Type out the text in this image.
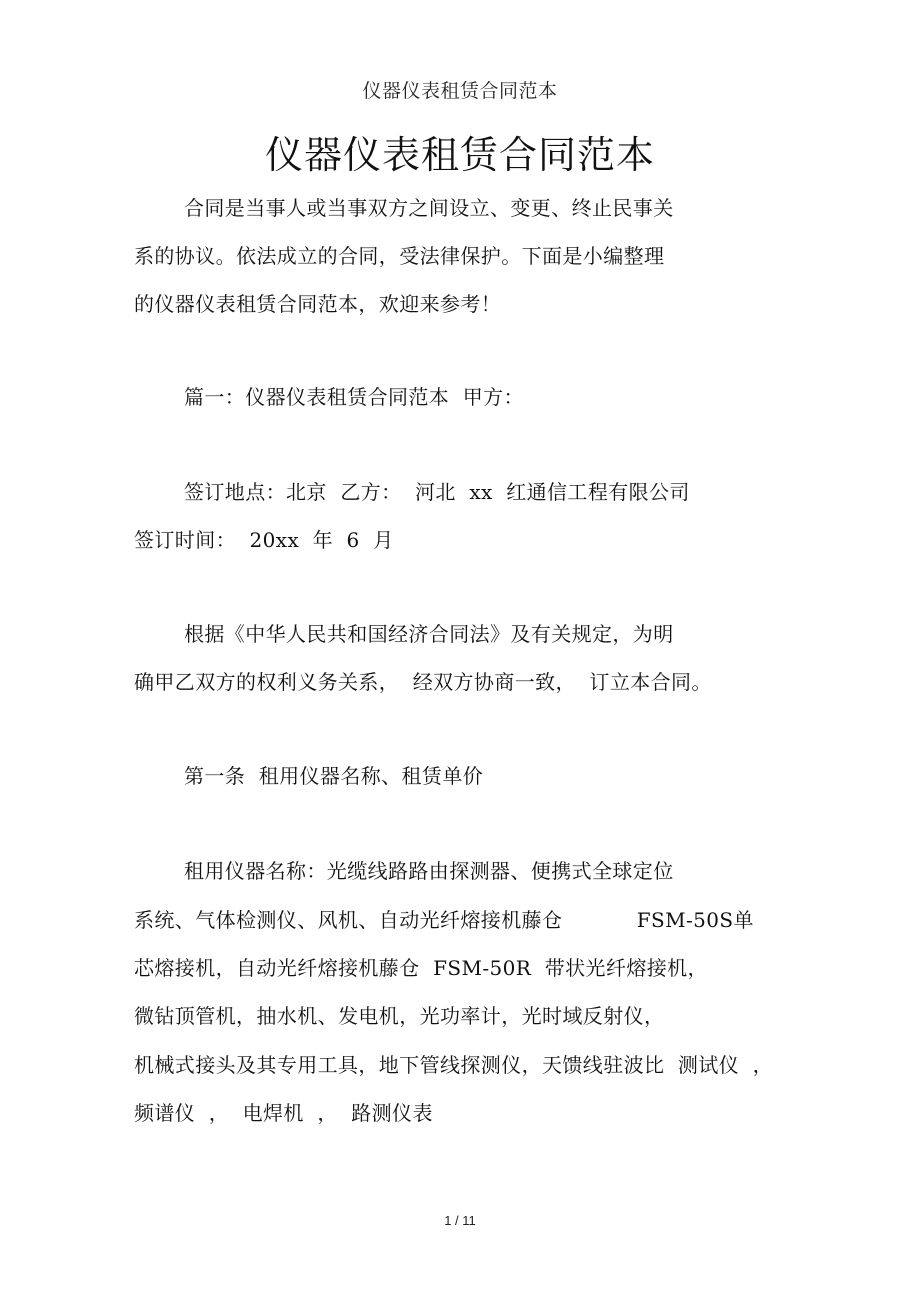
仪器仪表租赁合同范本
仪器仪表租赁合同范本
合同是当事人或当事双方之间设立、变更、终止民事关
系的协议。依法成立的合同，受法律保护。下面是小编整理
的仪器仪表租赁合同范本，欢迎来参考！
篇一：仪器仪表租赁合同范本  甲方：
签订地点：北京  乙方：  河北  xx  红通信工程有限公司
签订时间：  20xx  年  6  月
根据《中华人民共和国经济合同法》及有关规定，为明
确甲乙双方的权利义务关系，  经双方协商一致，  订立本合同。
第一条  租用仪器名称、租赁单价
租用仪器名称：光缆线路路由探测器、便携式全球定位
系统、气体检测仪、风机、自动光纤熔接机藤仓           FSM-50S单
芯熔接机，自动光纤熔接机藤仓  FSM-50R  带状光纤熔接机，
微钻顶管机，抽水机、发电机，光功率计，光时域反射仪，
机械式接头及其专用工具，地下管线探测仪，天馈线驻波比  测试仪  ，
频谱仪  ，  电焊机  ，  路测仪表
1 / 11
